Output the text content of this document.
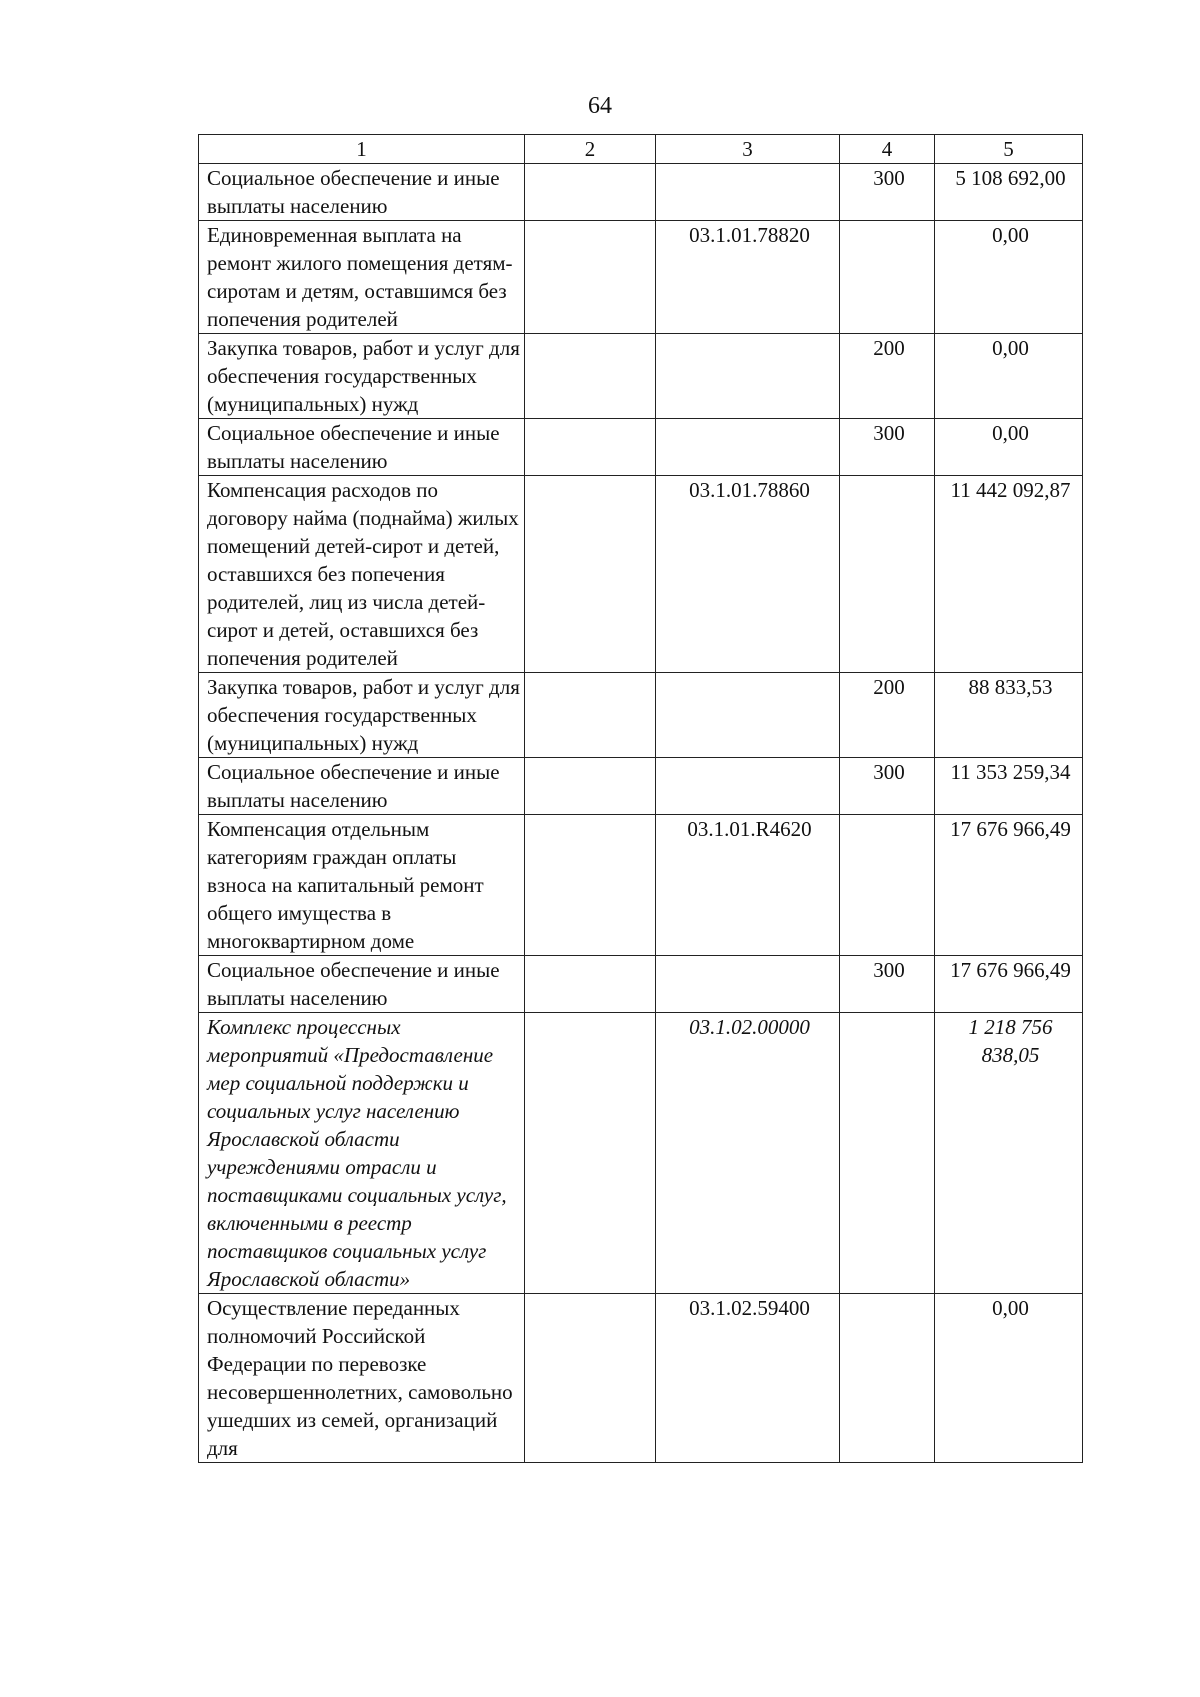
64
1	2	3	4	5
Социальное обеспечение и иные выплаты населению			300	5 108 692,00
Единовременная выплата на ремонт жилого помещения детям-сиротам и детям, оставшимся без попечения родителей		03.1.01.78820		0,00
Закупка товаров, работ и услуг для обеспечения государственных (муниципальных) нужд			200	0,00
Социальное обеспечение и иные выплаты населению			300	0,00
Компенсация расходов по договору найма (поднайма) жилых помещений детей-сирот и детей, оставшихся без попечения родителей, лиц из числа детей-сирот и детей, оставшихся без попечения родителей		03.1.01.78860		11 442 092,87
Закупка товаров, работ и услуг для обеспечения государственных (муниципальных) нужд			200	88 833,53
Социальное обеспечение и иные выплаты населению			300	11 353 259,34
Компенсация отдельным категориям граждан оплаты взноса на капитальный ремонт общего имущества в многоквартирном доме		03.1.01.R4620		17 676 966,49
Социальное обеспечение и иные выплаты населению			300	17 676 966,49
Комплекс процессных мероприятий «Предоставление мер социальной поддержки и социальных услуг населению Ярославской области учреждениями отрасли и поставщиками социальных услуг, включенными в реестр поставщиков социальных услуг Ярославской области»		03.1.02.00000		1 218 756 838,05
Осуществление переданных полномочий Российской Федерации по перевозке несовершеннолетних, самовольно ушедших из семей, организаций для		03.1.02.59400		0,00
